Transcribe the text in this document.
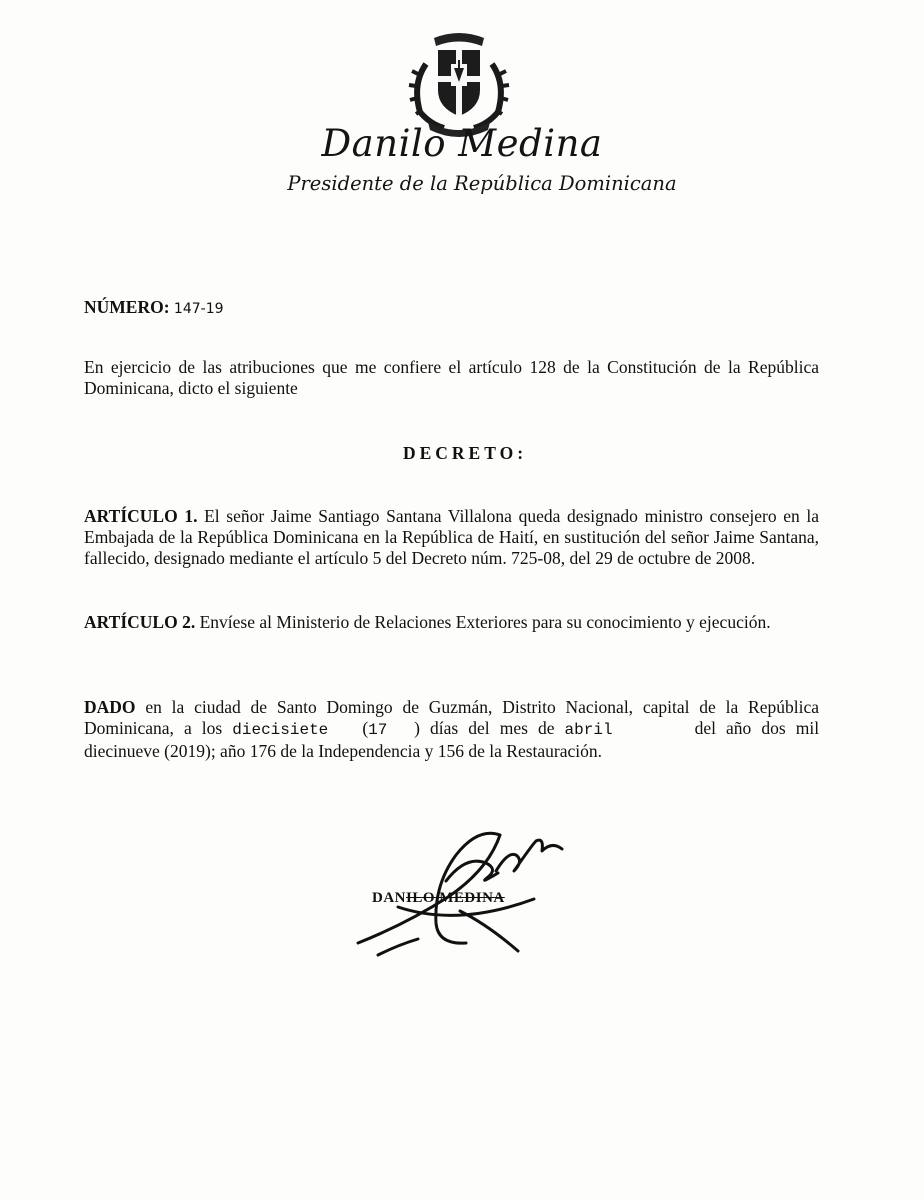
Danilo Medina
Presidente de la República Dominicana
NÚMERO: 147-19
En ejercicio de las atribuciones que me confiere el artículo 128 de la Constitución de la República Dominicana, dicto el siguiente
DECRETO:
ARTÍCULO 1. El señor Jaime Santiago Santana Villalona queda designado ministro consejero en la Embajada de la República Dominicana en la República de Haití, en sustitución del señor Jaime Santana, fallecido, designado mediante el artículo 5 del Decreto núm. 725-08, del 29 de octubre de 2008.
ARTÍCULO 2. Envíese al Ministerio de Relaciones Exteriores para su conocimiento y ejecución.
DADO en la ciudad de Santo Domingo de Guzmán, Distrito Nacional, capital de la República Dominicana, a los diecisiete (17 ) días del mes de abril	del año dos mil diecinueve (2019); año 176 de la Independencia y 156 de la Restauración.
DANILO MEDINA
